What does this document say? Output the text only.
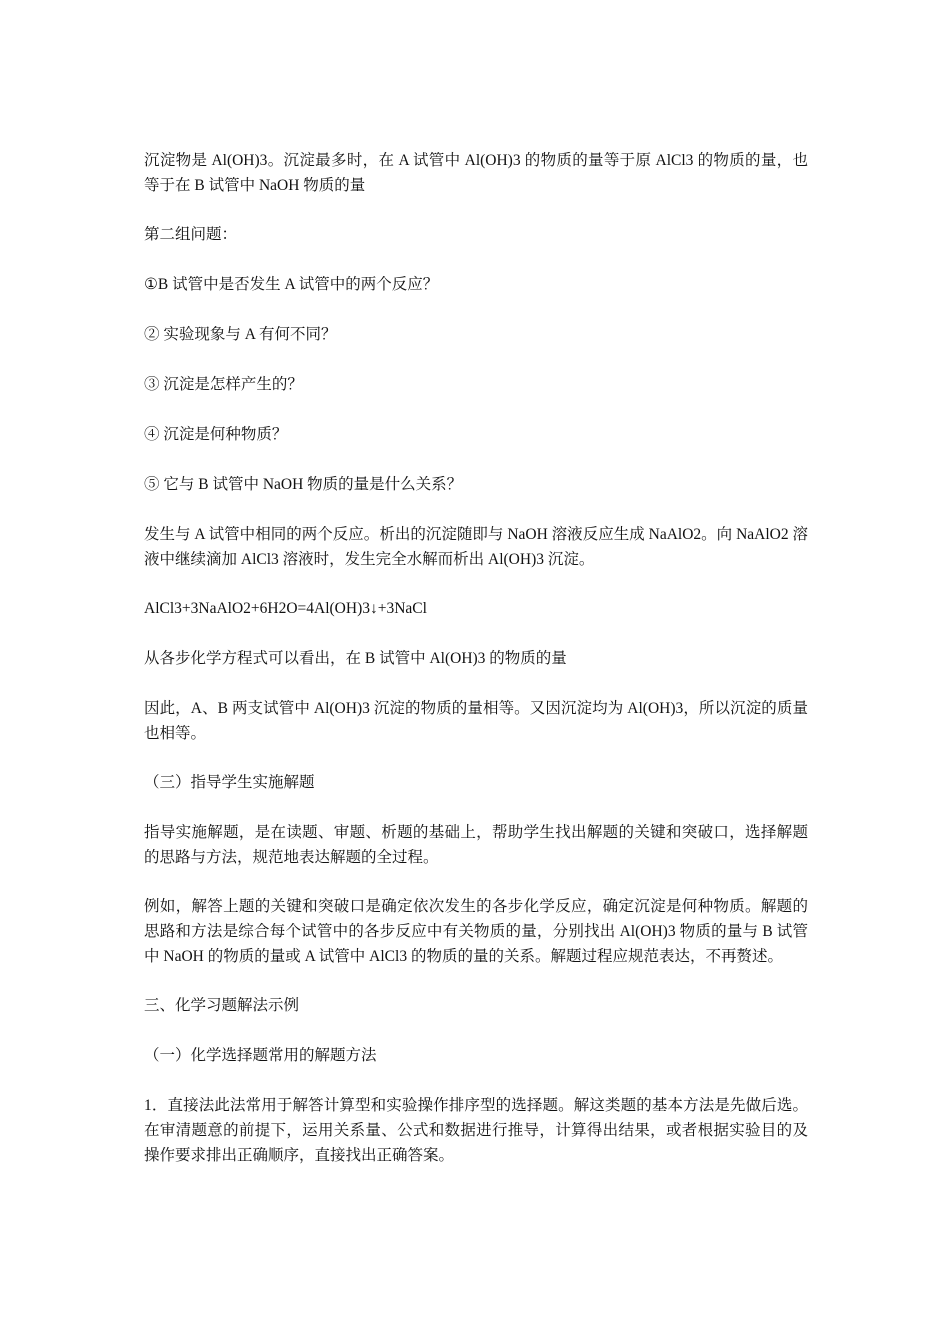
沉淀物是 Al(OH)3。沉淀最多时，在 A 试管中 Al(OH)3 的物质的量等于原 AlCl3 的物质的量，也等于在 B 试管中 NaOH 物质的量

第二组问题：

①B 试管中是否发生 A 试管中的两个反应？

② 实验现象与 A 有何不同？

③ 沉淀是怎样产生的？

④ 沉淀是何种物质？

⑤ 它与 B 试管中 NaOH 物质的量是什么关系？

发生与 A 试管中相同的两个反应。析出的沉淀随即与 NaOH 溶液反应生成 NaAlO2。向 NaAlO2 溶液中继续滴加 AlCl3 溶液时，发生完全水解而析出 Al(OH)3 沉淀。

AlCl3+3NaAlO2+6H2O=4Al(OH)3↓+3NaCl

从各步化学方程式可以看出，在 B 试管中 Al(OH)3 的物质的量

因此，A、B 两支试管中 Al(OH)3 沉淀的物质的量相等。又因沉淀均为 Al(OH)3，所以沉淀的质量也相等。

（三）指导学生实施解题

指导实施解题，是在读题、审题、析题的基础上，帮助学生找出解题的关键和突破口，选择解题的思路与方法，规范地表达解题的全过程。

例如，解答上题的关键和突破口是确定依次发生的各步化学反应，确定沉淀是何种物质。解题的思路和方法是综合每个试管中的各步反应中有关物质的量，分别找出 Al(OH)3 物质的量与 B 试管中 NaOH 的物质的量或 A 试管中 AlCl3 的物质的量的关系。解题过程应规范表达，不再赘述。

三、化学习题解法示例

（一）化学选择题常用的解题方法

1．直接法此法常用于解答计算型和实验操作排序型的选择题。解这类题的基本方法是先做后选。在审清题意的前提下，运用关系量、公式和数据进行推导，计算得出结果，或者根据实验目的及操作要求排出正确顺序，直接找出正确答案。
